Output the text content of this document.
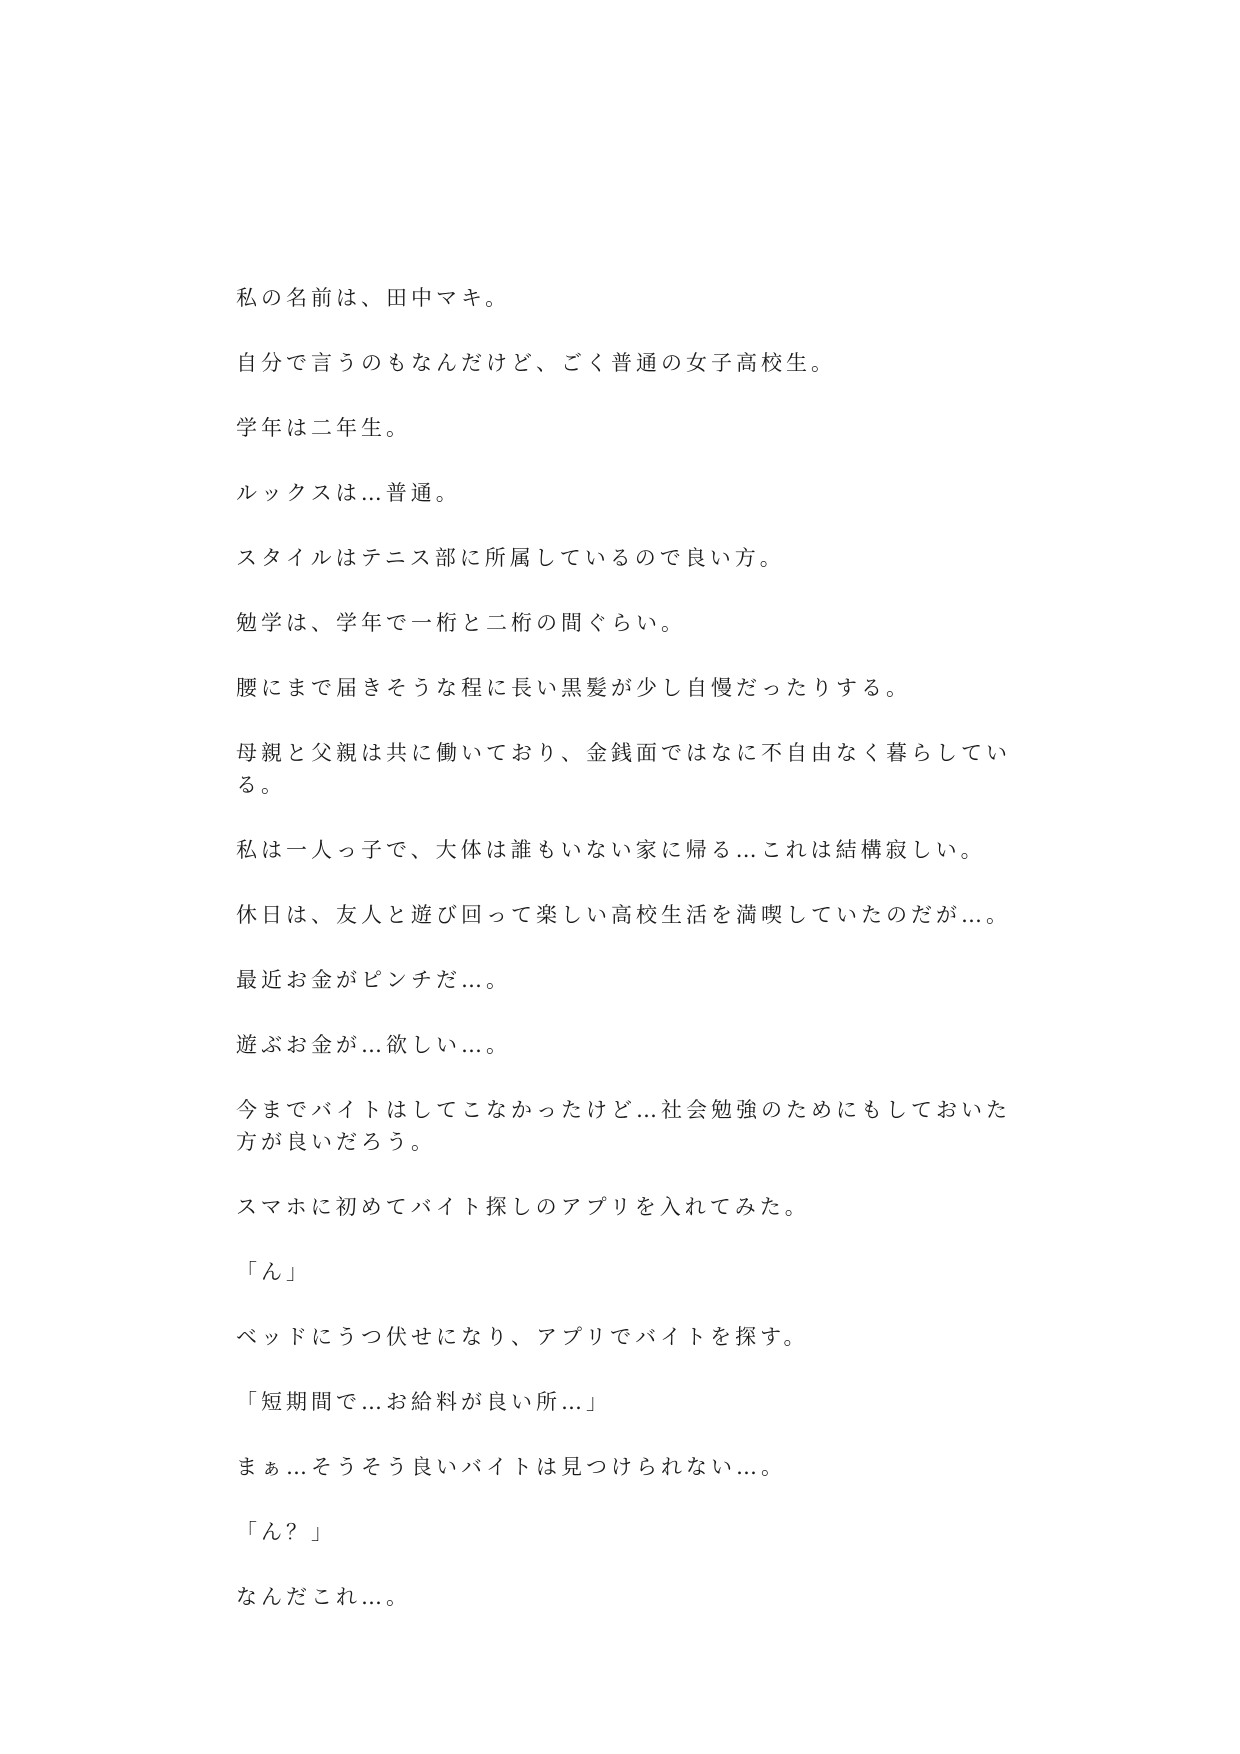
私の名前は、田中マキ。

自分で言うのもなんだけど、ごく普通の女子高校生。

学年は二年生。

ルックスは…普通。

スタイルはテニス部に所属しているので良い方。

勉学は、学年で一桁と二桁の間ぐらい。

腰にまで届きそうな程に長い黒髪が少し自慢だったりする。

母親と父親は共に働いており、金銭面ではなに不自由なく暮らしている。

私は一人っ子で、大体は誰もいない家に帰る…これは結構寂しい。

休日は、友人と遊び回って楽しい高校生活を満喫していたのだが…。

最近お金がピンチだ…。

遊ぶお金が…欲しい…。

今までバイトはしてこなかったけど…社会勉強のためにもしておいた方が良いだろう。

スマホに初めてバイト探しのアプリを入れてみた。

「ん」

ベッドにうつ伏せになり、アプリでバイトを探す。

「短期間で…お給料が良い所…」

まぁ…そうそう良いバイトは見つけられない…。

「ん？」

なんだこれ…。
